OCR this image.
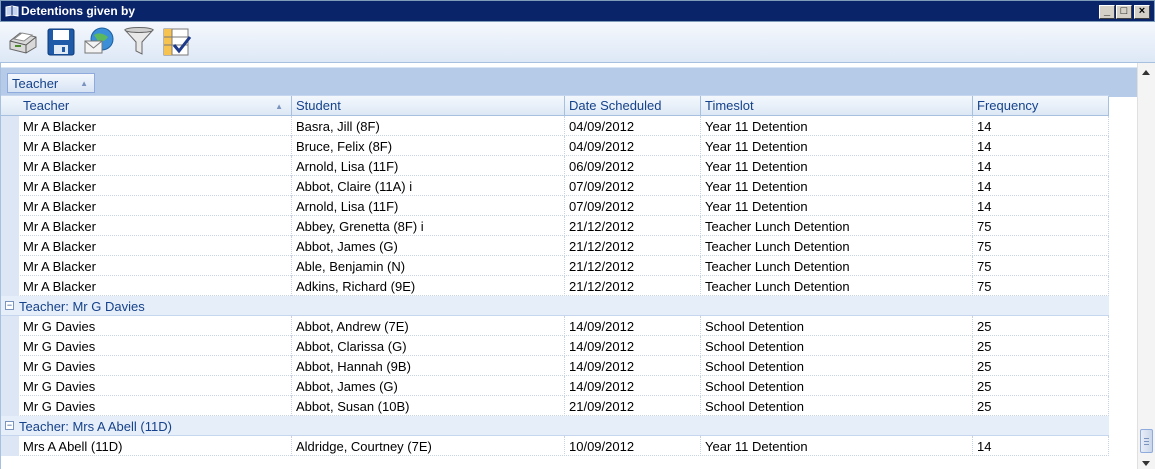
Detentions given by	_ □	×
Teacher	▲
Teacher	▲	Student	Date Scheduled	Timeslot	Frequency
Mr A Blacker	Basra, Jill (8F)	04/09/2012	Year 11 Detention	14
Mr A Blacker	Bruce, Felix (8F)	04/09/2012	Year 11 Detention	14
Mr A Blacker	Arnold, Lisa (11F)	06/09/2012	Year 11 Detention	14
Mr A Blacker	Abbot, Claire (11A) i	07/09/2012	Year 11 Detention	14
Mr A Blacker	Arnold, Lisa (11F)	07/09/2012	Year 11 Detention	14
Mr A Blacker	Abbey, Grenetta (8F) i	21/12/2012	Teacher Lunch Detention	75
Mr A Blacker	Abbot, James (G)	21/12/2012	Teacher Lunch Detention	75
Mr A Blacker	Able, Benjamin (N)	21/12/2012	Teacher Lunch Detention	75
Mr A Blacker	Adkins, Richard (9E)	21/12/2012	Teacher Lunch Detention	75
− Teacher: Mr G Davies
Mr G Davies	Abbot, Andrew (7E)	14/09/2012	School Detention	25
Mr G Davies	Abbot, Clarissa (G)	14/09/2012	School Detention	25
Mr G Davies	Abbot, Hannah (9B)	14/09/2012	School Detention	25
Mr G Davies	Abbot, James (G)	14/09/2012	School Detention	25
Mr G Davies	Abbot, Susan (10B)	21/09/2012	School Detention	25
− Teacher: Mrs A Abell (11D)
Mrs A Abell (11D)	Aldridge, Courtney (7E)	10/09/2012	Year 11 Detention	14
